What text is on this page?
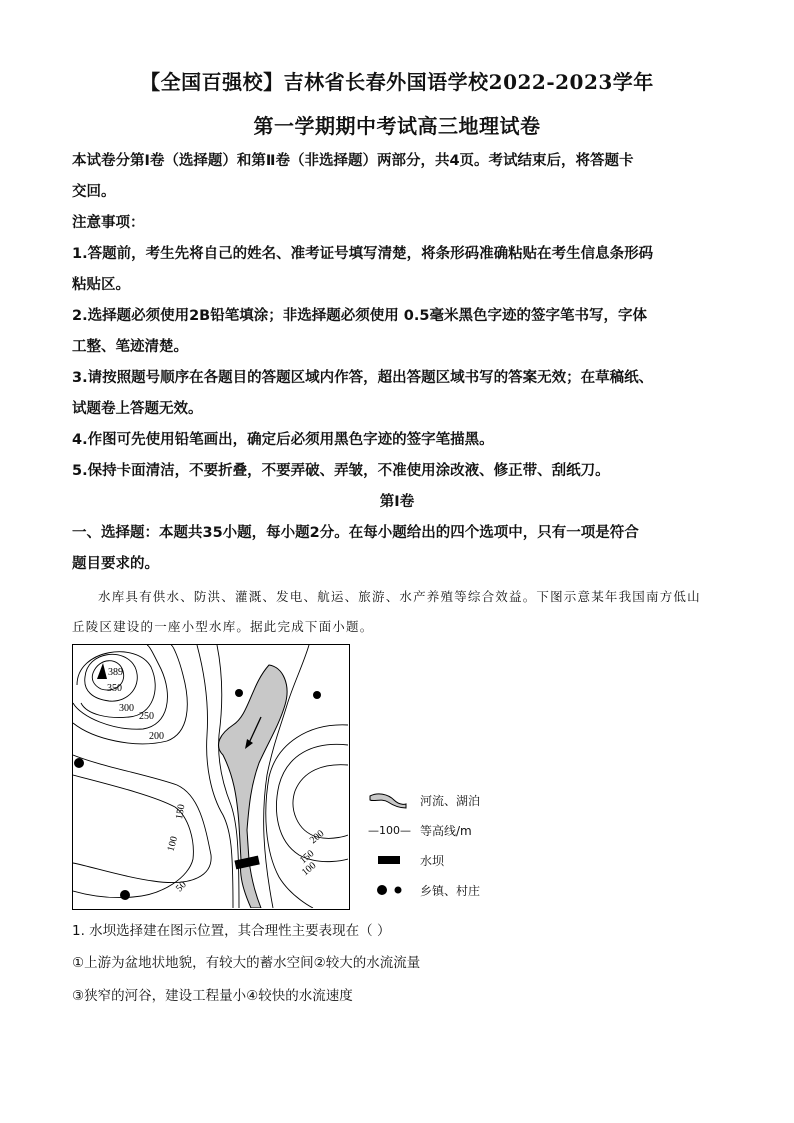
【全国百强校】吉林省长春外国语学校2022-2023学年
第一学期期中考试高三地理试卷
本试卷分第Ⅰ卷（选择题）和第Ⅱ卷（非选择题）两部分，共4页。考试结束后，将答题卡
交回。
注意事项：
1.答题前，考生先将自己的姓名、准考证号填写清楚，将条形码准确粘贴在考生信息条形码
粘贴区。
2.选择题必须使用2B铅笔填涂；非选择题必须使用 0.5毫米黑色字迹的签字笔书写，字体
工整、笔迹清楚。
3.请按照题号顺序在各题目的答题区域内作答，超出答题区域书写的答案无效；在草稿纸、
试题卷上答题无效。
4.作图可先使用铅笔画出，确定后必须用黑色字迹的签字笔描黑。
5.保持卡面清洁，不要折叠，不要弄破、弄皱，不准使用涂改液、修正带、刮纸刀。
第Ⅰ卷
一、选择题：本题共35小题，每小题2分。在每小题给出的四个选项中，只有一项是符合
题目要求的。
水库具有供水、防洪、灌溉、发电、航运、旅游、水产养殖等综合效益。下图示意某年我国南方低山
丘陵区建设的一座小型水库。据此完成下面小题。
389
350
300
250
200
150
100
50
200
150
100
河流、湖泊
—100— 等高线/m
水坝
乡镇、村庄
1. 水坝选择建在图示位置，其合理性主要表现在（ ）
①上游为盆地状地貌，有较大的蓄水空间②较大的水流流量
③狭窄的河谷，建设工程量小④较快的水流速度
